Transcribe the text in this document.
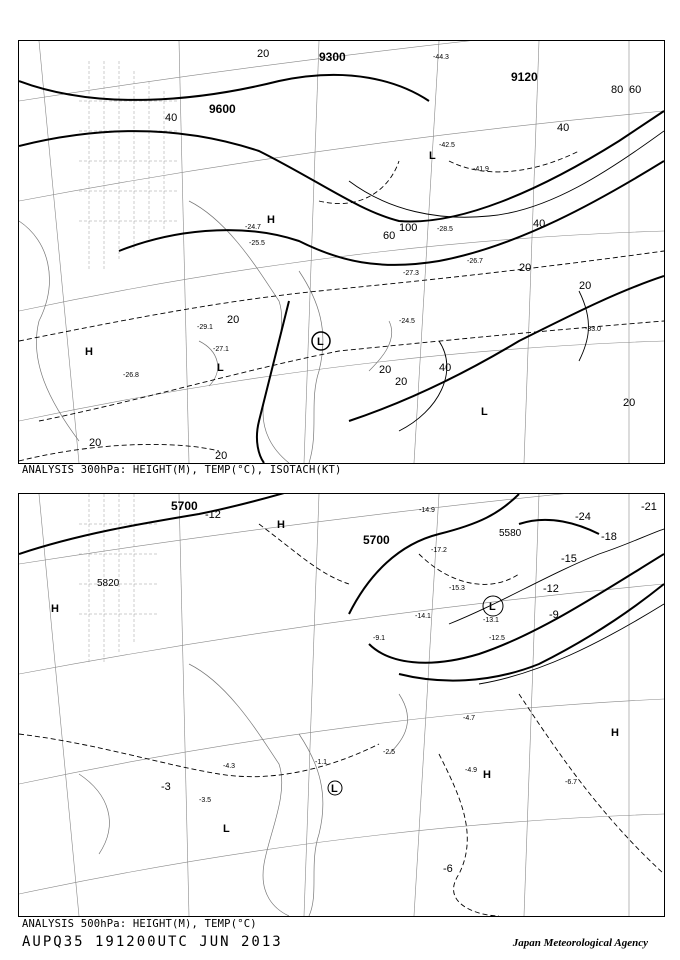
9600
9300
9120
20
40
60
80
100
20
20
20
40
20
40
20
20
20
20
40
60
H
L
L
L
H
L
-44.3
-42.5
-41.9
-27.3
-26.7
-24.7
-24.5
-28.5
-33.0
-25.5
-27.1
-29.1
-26.8
ANALYSIS 300hPa: HEIGHT(M), TEMP(°C), ISOTACH(KT)
5700
5700
5820
5580
-3
-6
-9
-12
-15
-18
-21
-24
-12
H
H
H
L
H
L
L
-14.9
-17.2
-15.3
-14.1
-13.1
-12.5
-9.1
-4.7
-4.3
-3.5
-6.7
-4.9
-2.5
-1.1
ANALYSIS 500hPa: HEIGHT(M), TEMP(°C)
AUPQ35 191200UTC JUN 2013	Japan Meteorological Agency
